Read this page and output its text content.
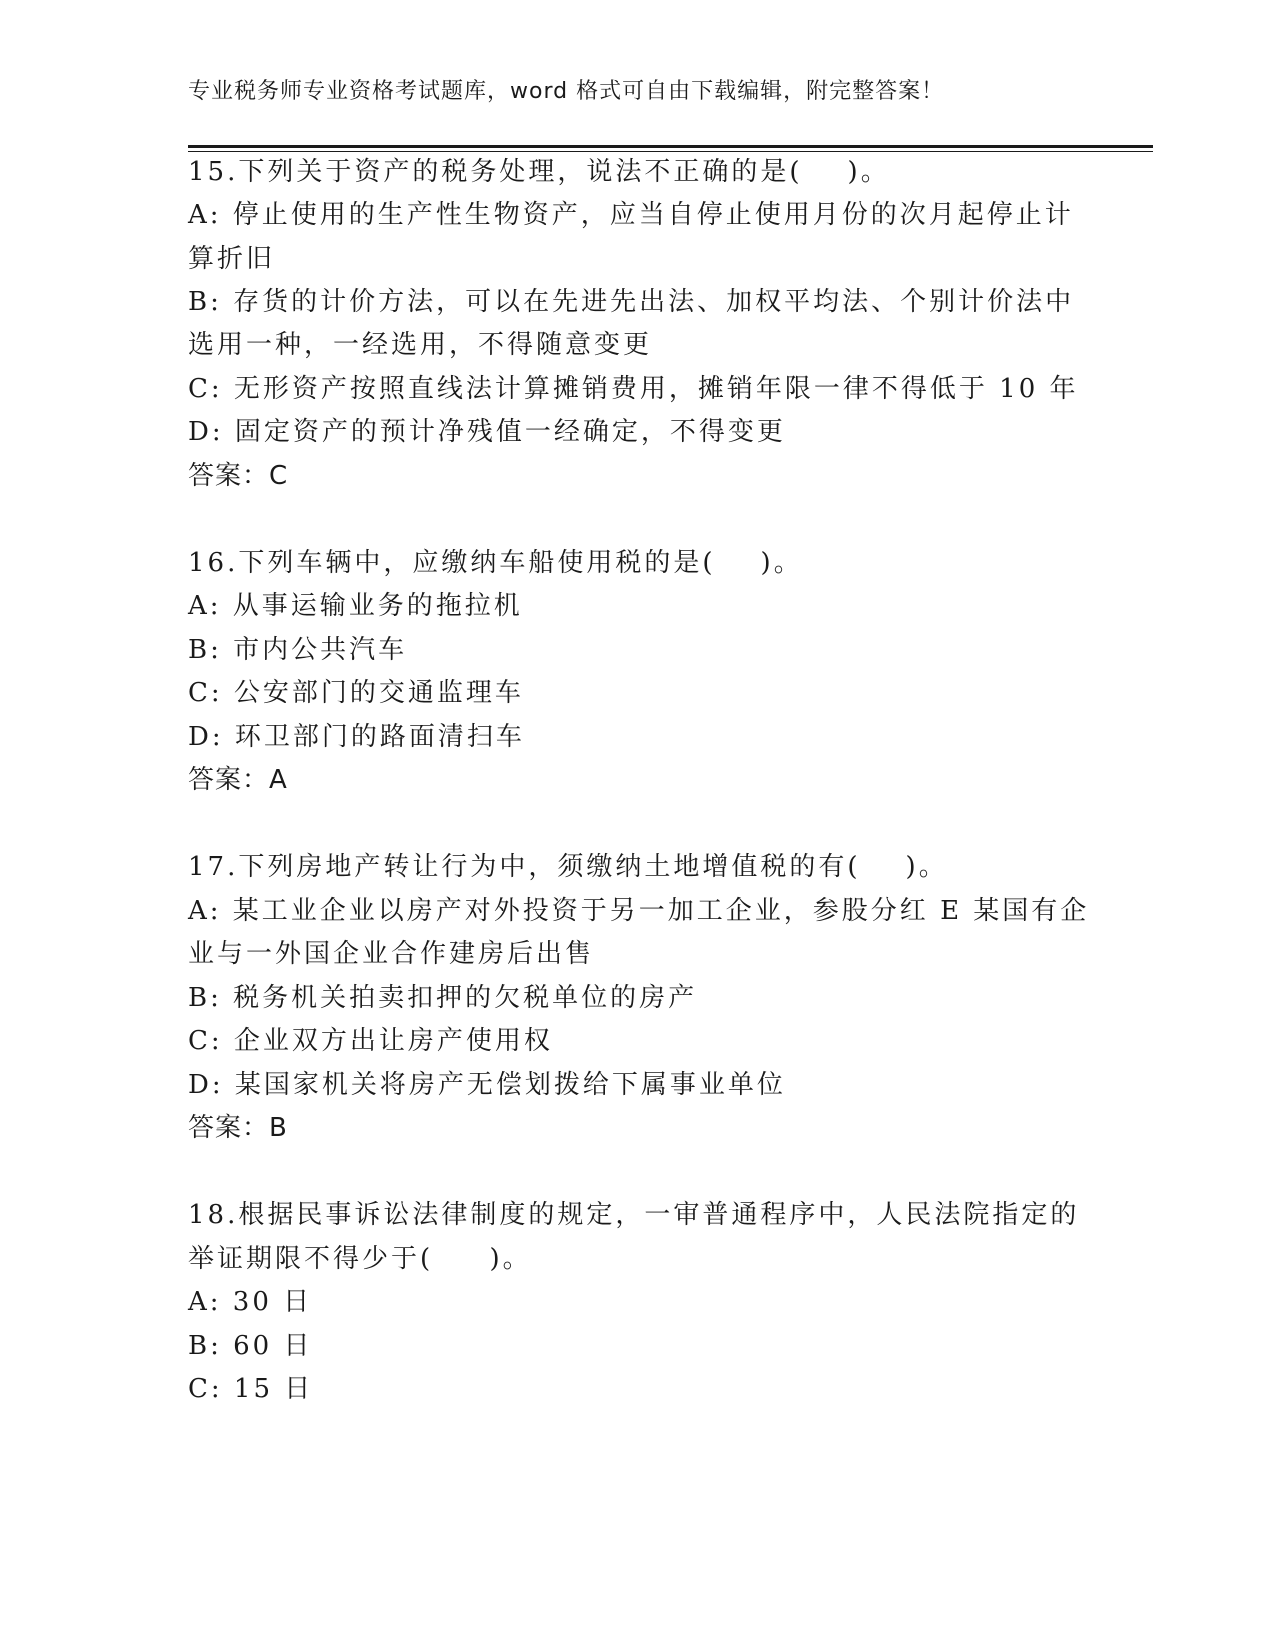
专业税务师专业资格考试题库，word 格式可自由下载编辑，附完整答案！
15.下列关于资产的税务处理，说法不正确的是(    )。
A: 停止使用的生产性生物资产，应当自停止使用月份的次月起停止计
算折旧
B: 存货的计价方法，可以在先进先出法、加权平均法、个别计价法中
选用一种，一经选用，不得随意变更
C: 无形资产按照直线法计算摊销费用，摊销年限一律不得低于 10 年
D: 固定资产的预计净残值一经确定，不得变更
答案：C
16.下列车辆中，应缴纳车船使用税的是(    )。
A: 从事运输业务的拖拉机
B: 市内公共汽车
C: 公安部门的交通监理车
D: 环卫部门的路面清扫车
答案：A
17.下列房地产转让行为中，须缴纳土地增值税的有(    )。
A: 某工业企业以房产对外投资于另一加工企业，参股分红 E 某国有企
业与一外国企业合作建房后出售
B: 税务机关拍卖扣押的欠税单位的房产
C: 企业双方出让房产使用权
D: 某国家机关将房产无偿划拨给下属事业单位
答案：B
18.根据民事诉讼法律制度的规定，一审普通程序中，人民法院指定的
举证期限不得少于(     )。
A: 30 日
B: 60 日
C: 15 日
